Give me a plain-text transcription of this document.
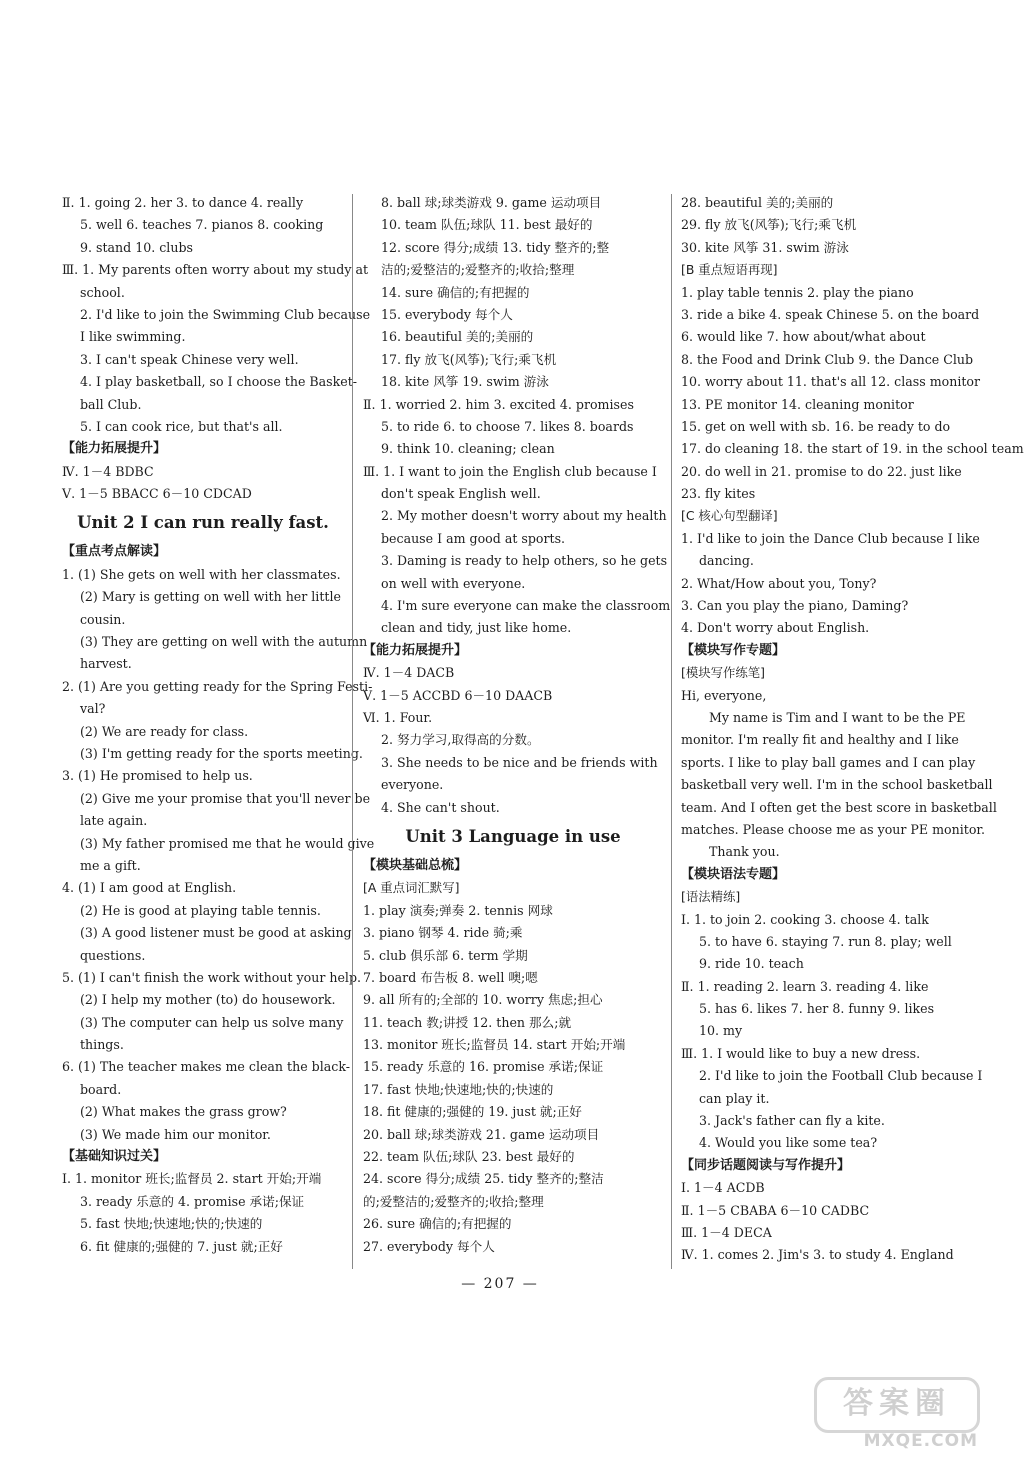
Ⅱ. 1. going 2. her 3. to dance 4. really
5. well 6. teaches 7. pianos 8. cooking
9. stand 10. clubs
Ⅲ. 1. My parents often worry about my study at
school.
2. I'd like to join the Swimming Club because
I like swimming.
3. I can't speak Chinese very well.
4. I play basketball, so I choose the Basket-
ball Club.
5. I can cook rice, but that's all.
【能力拓展提升】
Ⅳ. 1－4 BDBC
Ⅴ. 1－5 BBACC 6－10 CDCAD
Unit 2 I can run really fast.
【重点考点解读】
1. (1) She gets on well with her classmates.
(2) Mary is getting on well with her little
cousin.
(3) They are getting on well with the autumn
harvest.
2. (1) Are you getting ready for the Spring Festi-
val?
(2) We are ready for class.
(3) I'm getting ready for the sports meeting.
3. (1) He promised to help us.
(2) Give me your promise that you'll never be
late again.
(3) My father promised me that he would give
me a gift.
4. (1) I am good at English.
(2) He is good at playing table tennis.
(3) A good listener must be good at asking
questions.
5. (1) I can't finish the work without your help.
(2) I help my mother (to) do housework.
(3) The computer can help us solve many
things.
6. (1) The teacher makes me clean the black-
board.
(2) What makes the grass grow?
(3) We made him our monitor.
【基础知识过关】
Ⅰ. 1. monitor 班长;监督员 2. start 开始;开端
3. ready 乐意的 4. promise 承诺;保证
5. fast 快地;快速地;快的;快速的
6. fit 健康的;强健的 7. just 就;正好
8. ball 球;球类游戏 9. game 运动项目
10. team 队伍;球队 11. best 最好的
12. score 得分;成绩 13. tidy 整齐的;整
洁的;爱整洁的;爱整齐的;收拾;整理
14. sure 确信的;有把握的
15. everybody 每个人
16. beautiful 美的;美丽的
17. fly 放飞(风筝);飞行;乘飞机
18. kite 风筝 19. swim 游泳
Ⅱ. 1. worried 2. him 3. excited 4. promises
5. to ride 6. to choose 7. likes 8. boards
9. think 10. cleaning; clean
Ⅲ. 1. I want to join the English club because I
don't speak English well.
2. My mother doesn't worry about my health
because I am good at sports.
3. Daming is ready to help others, so he gets
on well with everyone.
4. I'm sure everyone can make the classroom
clean and tidy, just like home.
【能力拓展提升】
Ⅳ. 1－4 DACB
Ⅴ. 1－5 ACCBD 6－10 DAACB
Ⅵ. 1. Four.
2. 努力学习,取得高的分数。
3. She needs to be nice and be friends with
everyone.
4. She can't shout.
Unit 3 Language in use
【模块基础总梳】
[A 重点词汇默写]
1. play 演奏;弹奏 2. tennis 网球
3. piano 钢琴 4. ride 骑;乘
5. club 俱乐部 6. term 学期
7. board 布告板 8. well 噢;嗯
9. all 所有的;全部的 10. worry 焦虑;担心
11. teach 教;讲授 12. then 那么;就
13. monitor 班长;监督员 14. start 开始;开端
15. ready 乐意的 16. promise 承诺;保证
17. fast 快地;快速地;快的;快速的
18. fit 健康的;强健的 19. just 就;正好
20. ball 球;球类游戏 21. game 运动项目
22. team 队伍;球队 23. best 最好的
24. score 得分;成绩 25. tidy 整齐的;整洁
的;爱整洁的;爱整齐的;收拾;整理
26. sure 确信的;有把握的
27. everybody 每个人
28. beautiful 美的;美丽的
29. fly 放飞(风筝);飞行;乘飞机
30. kite 风筝 31. swim 游泳
[B 重点短语再现]
1. play table tennis 2. play the piano
3. ride a bike 4. speak Chinese 5. on the board
6. would like 7. how about/what about
8. the Food and Drink Club 9. the Dance Club
10. worry about 11. that's all 12. class monitor
13. PE monitor 14. cleaning monitor
15. get on well with sb. 16. be ready to do
17. do cleaning 18. the start of 19. in the school team
20. do well in 21. promise to do 22. just like
23. fly kites
[C 核心句型翻译]
1. I'd like to join the Dance Club because I like
dancing.
2. What/How about you, Tony?
3. Can you play the piano, Daming?
4. Don't worry about English.
【模块写作专题】
[模块写作练笔]
Hi, everyone,
My name is Tim and I want to be the PE
monitor. I'm really fit and healthy and I like
sports. I like to play ball games and I can play
basketball very well. I'm in the school basketball
team. And I often get the best score in basketball
matches. Please choose me as your PE monitor.
Thank you.
【模块语法专题】
[语法精练]
Ⅰ. 1. to join 2. cooking 3. choose 4. talk
5. to have 6. staying 7. run 8. play; well
9. ride 10. teach
Ⅱ. 1. reading 2. learn 3. reading 4. like
5. has 6. likes 7. her 8. funny 9. likes
10. my
Ⅲ. 1. I would like to buy a new dress.
2. I'd like to join the Football Club because I
can play it.
3. Jack's father can fly a kite.
4. Would you like some tea?
【同步话题阅读与写作提升】
Ⅰ. 1－4 ACDB
Ⅱ. 1－5 CBABA 6－10 CADBC
Ⅲ. 1－4 DECA
Ⅳ. 1. comes 2. Jim's 3. to study 4. England
— 207 —
答案圈
MXQE.COM
